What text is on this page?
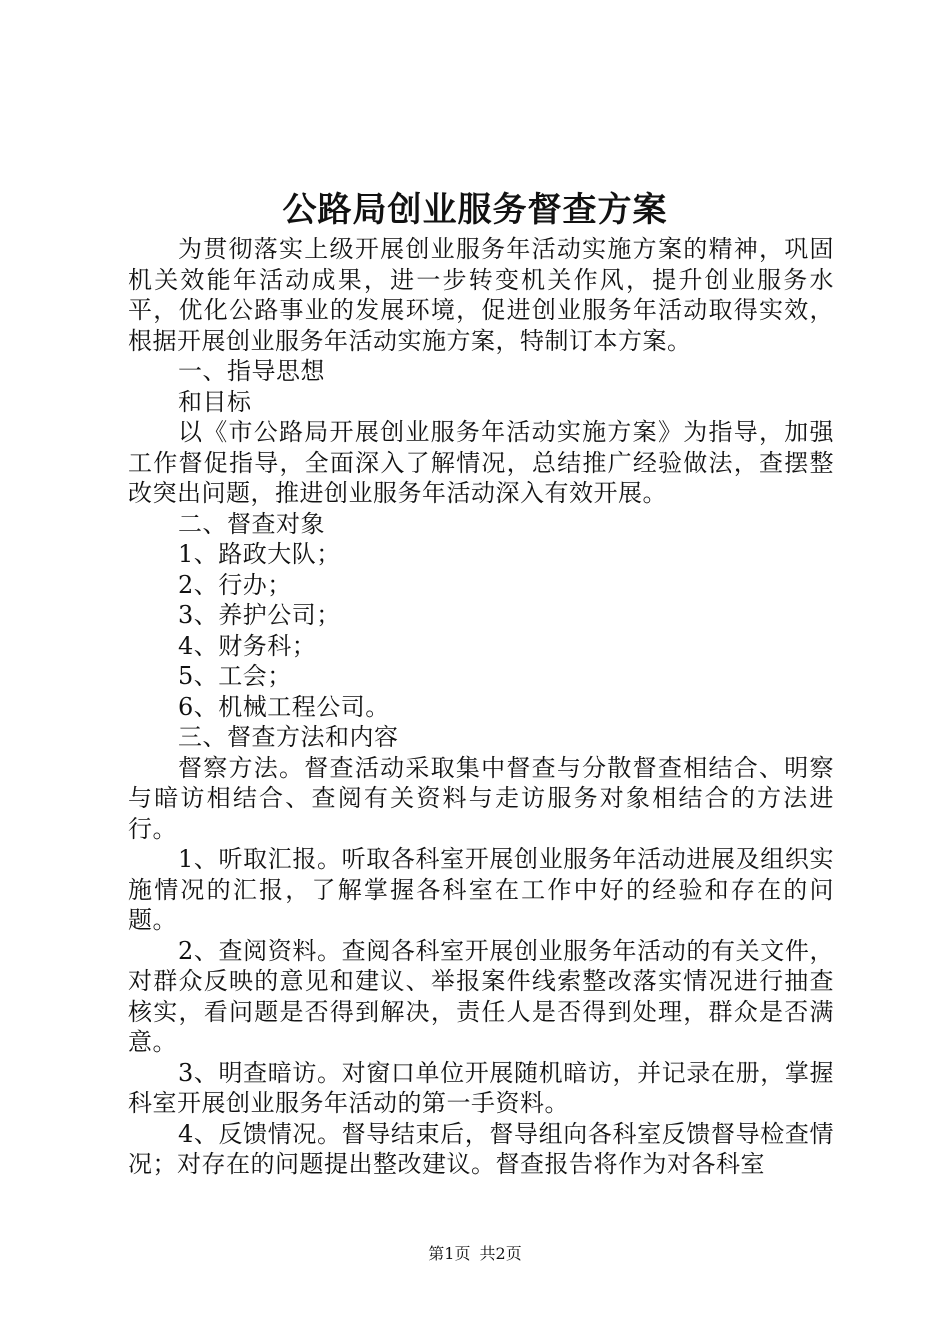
公路局创业服务督查方案

为贯彻落实上级开展创业服务年活动实施方案的精神，巩固机关效能年活动成果，进一步转变机关作风，提升创业服务水平，优化公路事业的发展环境，促进创业服务年活动取得实效，根据开展创业服务年活动实施方案，特制订本方案。

一、指导思想

和目标

以《市公路局开展创业服务年活动实施方案》为指导，加强工作督促指导，全面深入了解情况，总结推广经验做法，查摆整改突出问题，推进创业服务年活动深入有效开展。

二、督查对象

1、路政大队；

2、行办；

3、养护公司；

4、财务科；

5、工会；

6、机械工程公司。

三、督查方法和内容

督察方法。督查活动采取集中督查与分散督查相结合、明察与暗访相结合、查阅有关资料与走访服务对象相结合的方法进行。

1、听取汇报。听取各科室开展创业服务年活动进展及组织实施情况的汇报，了解掌握各科室在工作中好的经验和存在的问题。

2、查阅资料。查阅各科室开展创业服务年活动的有关文件，对群众反映的意见和建议、举报案件线索整改落实情况进行抽查核实，看问题是否得到解决，责任人是否得到处理，群众是否满意。

3、明查暗访。对窗口单位开展随机暗访，并记录在册，掌握科室开展创业服务年活动的第一手资料。

4、反馈情况。督导结束后，督导组向各科室反馈督导检查情况；对存在的问题提出整改建议。督查报告将作为对各科室

第1页 共2页
